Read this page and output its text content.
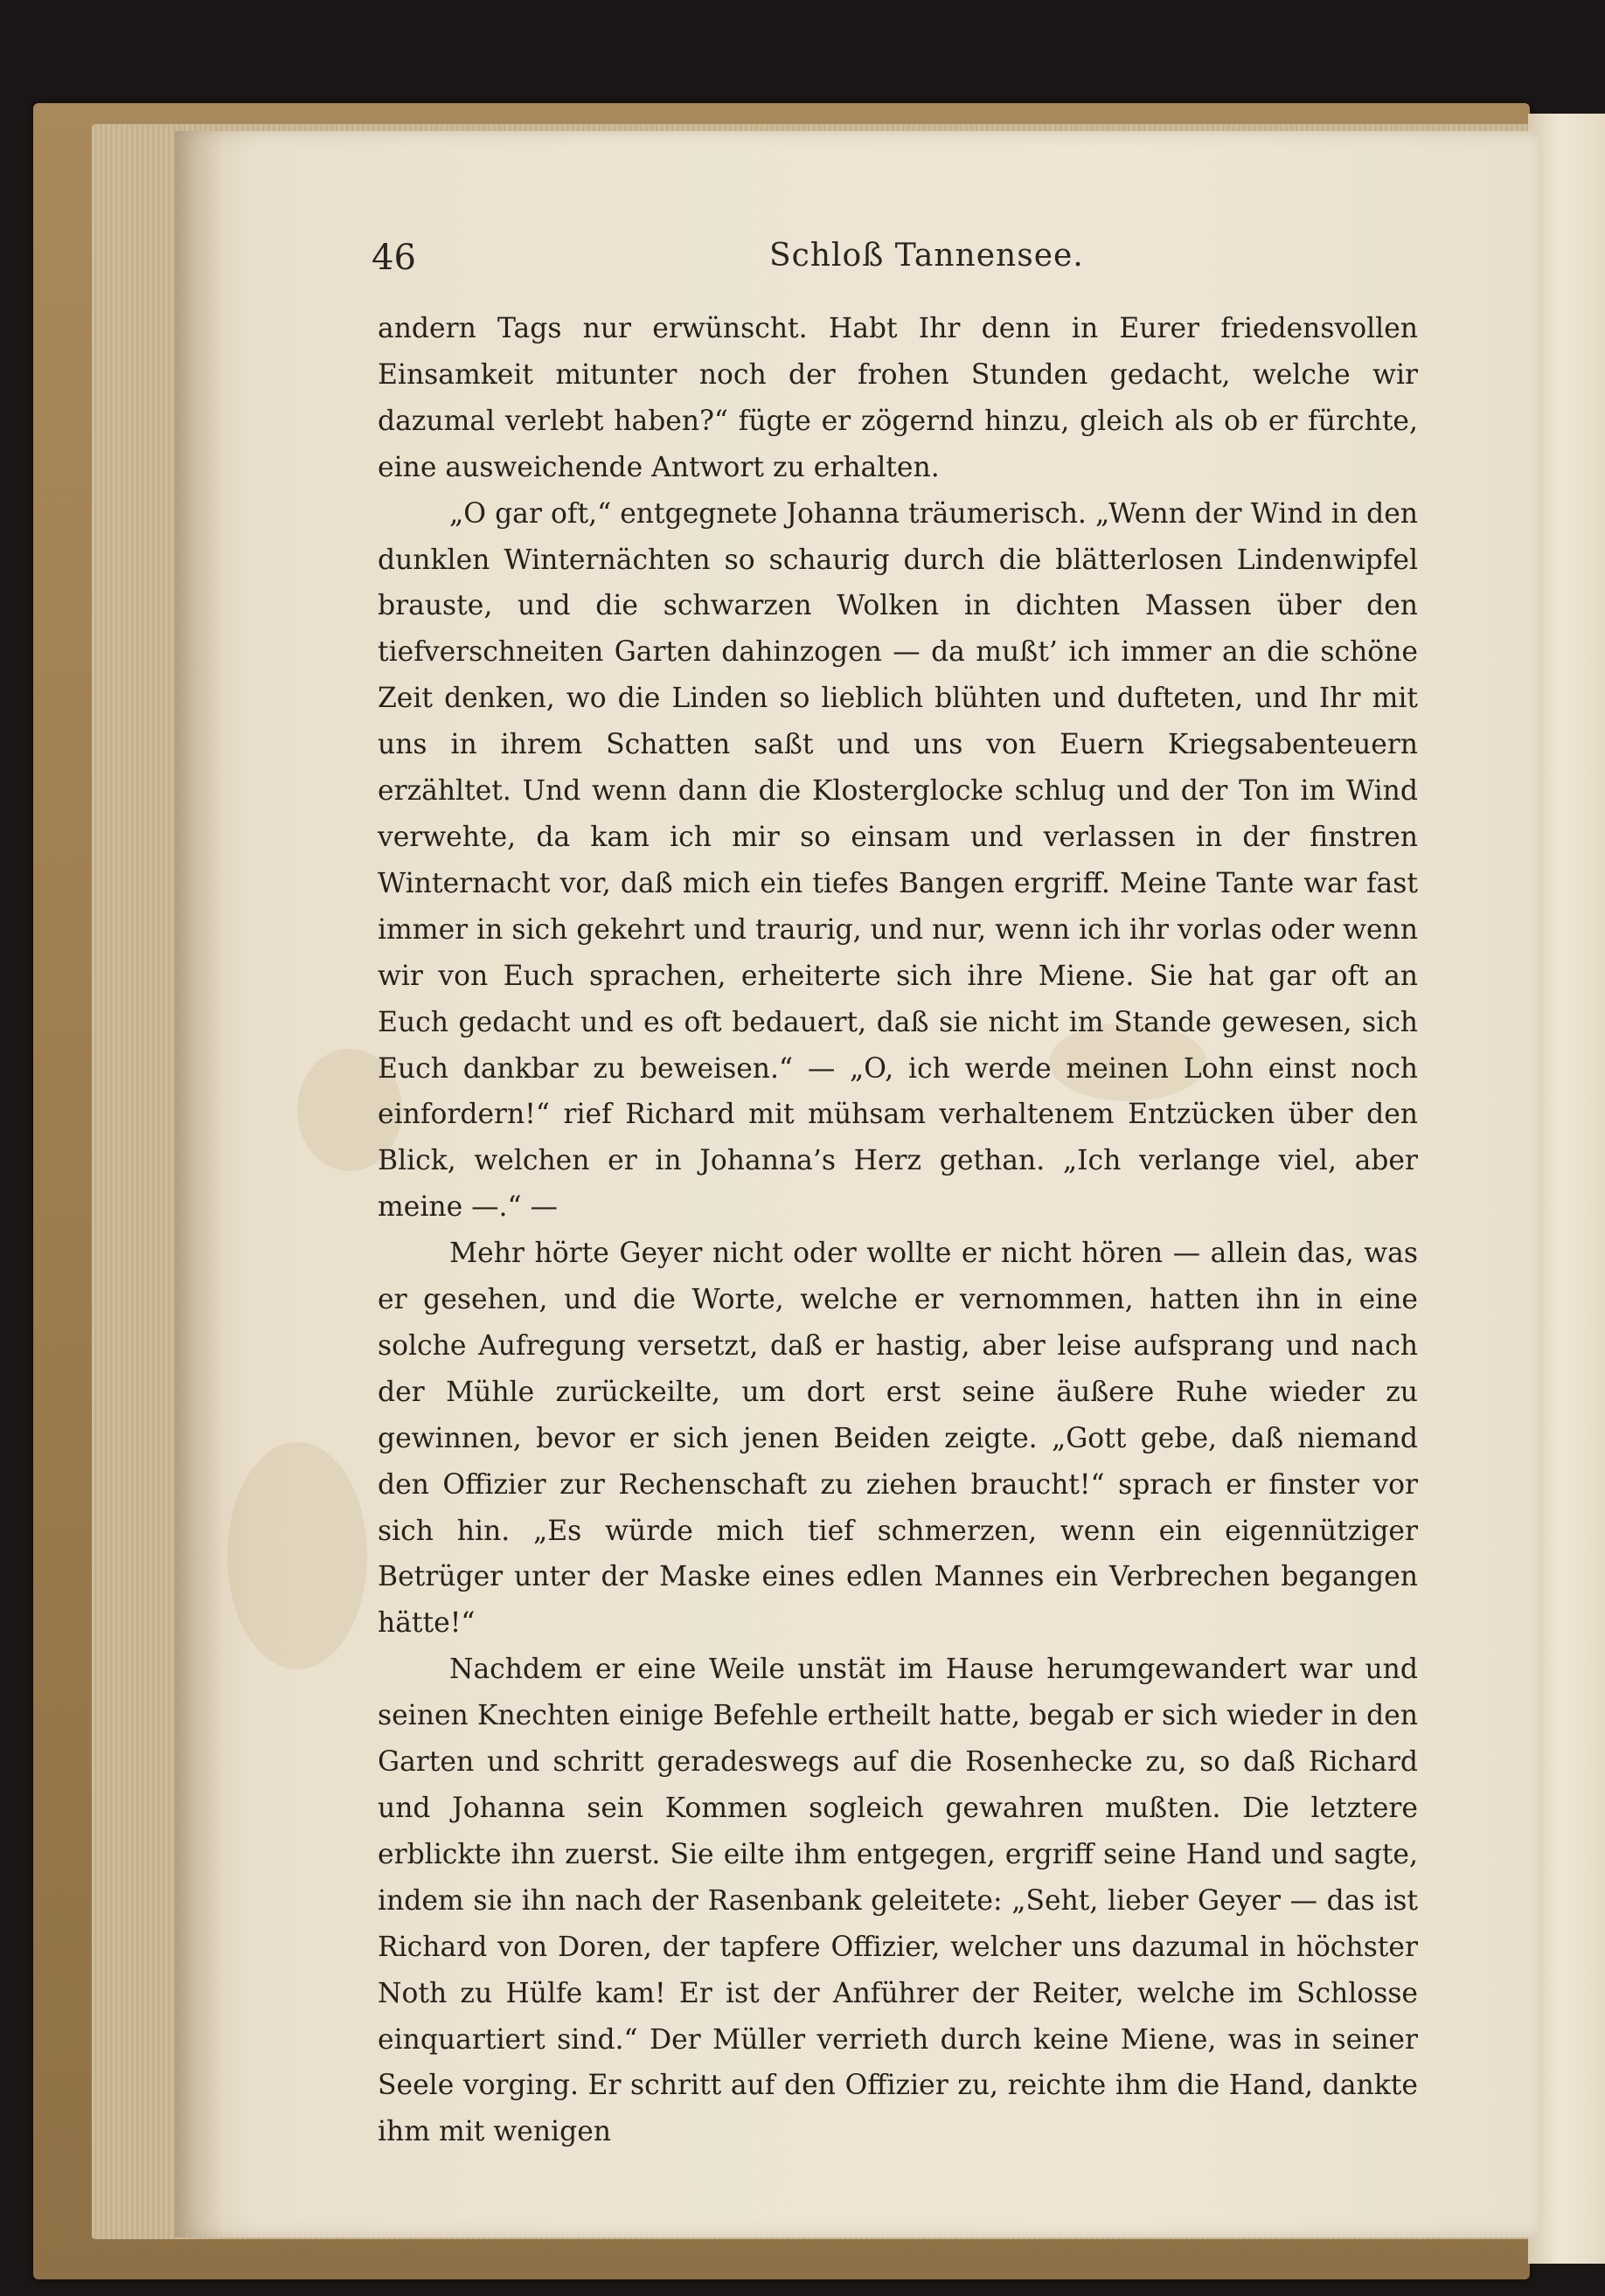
46	Schloß Tannensee.

andern Tags nur erwünscht. Habt Ihr denn in Eurer friedensvollen Einsamkeit mitunter noch der frohen Stunden gedacht, welche wir dazumal verlebt haben?“ fügte er zögernd hinzu, gleich als ob er fürchte, eine ausweichende Antwort zu erhalten.

„O gar oft,“ entgegnete Johanna träumerisch. „Wenn der Wind in den dunklen Winternächten so schaurig durch die blätterlosen Lindenwipfel brauste, und die schwarzen Wolken in dichten Massen über den tiefverschneiten Garten dahinzogen — da mußt’ ich immer an die schöne Zeit denken, wo die Linden so lieblich blühten und dufteten, und Ihr mit uns in ihrem Schatten saßt und uns von Euern Kriegsabenteuern erzähltet. Und wenn dann die Klosterglocke schlug und der Ton im Wind verwehte, da kam ich mir so einsam und verlassen in der finstren Winternacht vor, daß mich ein tiefes Bangen ergriff. Meine Tante war fast immer in sich gekehrt und traurig, und nur, wenn ich ihr vorlas oder wenn wir von Euch sprachen, erheiterte sich ihre Miene. Sie hat gar oft an Euch gedacht und es oft bedauert, daß sie nicht im Stande gewesen, sich Euch dankbar zu beweisen.“ — „O, ich werde meinen Lohn einst noch einfordern!“ rief Richard mit mühsam verhaltenem Entzücken über den Blick, welchen er in Johanna’s Herz gethan. „Ich verlange viel, aber meine —.“ —

Mehr hörte Geyer nicht oder wollte er nicht hören — allein das, was er gesehen, und die Worte, welche er vernommen, hatten ihn in eine solche Aufregung versetzt, daß er hastig, aber leise aufsprang und nach der Mühle zurückeilte, um dort erst seine äußere Ruhe wieder zu gewinnen, bevor er sich jenen Beiden zeigte. „Gott gebe, daß niemand den Offizier zur Rechenschaft zu ziehen braucht!“ sprach er finster vor sich hin. „Es würde mich tief schmerzen, wenn ein eigennütziger Betrüger unter der Maske eines edlen Mannes ein Verbrechen begangen hätte!“

Nachdem er eine Weile unstät im Hause herumgewandert war und seinen Knechten einige Befehle ertheilt hatte, begab er sich wieder in den Garten und schritt geradeswegs auf die Rosenhecke zu, so daß Richard und Johanna sein Kommen sogleich gewahren mußten. Die letztere erblickte ihn zuerst. Sie eilte ihm entgegen, ergriff seine Hand und sagte, indem sie ihn nach der Rasenbank geleitete: „Seht, lieber Geyer — das ist Richard von Doren, der tapfere Offizier, welcher uns dazumal in höchster Noth zu Hülfe kam! Er ist der Anführer der Reiter, welche im Schlosse einquartiert sind.“ Der Müller verrieth durch keine Miene, was in seiner Seele vorging. Er schritt auf den Offizier zu, reichte ihm die Hand, dankte ihm mit wenigen
